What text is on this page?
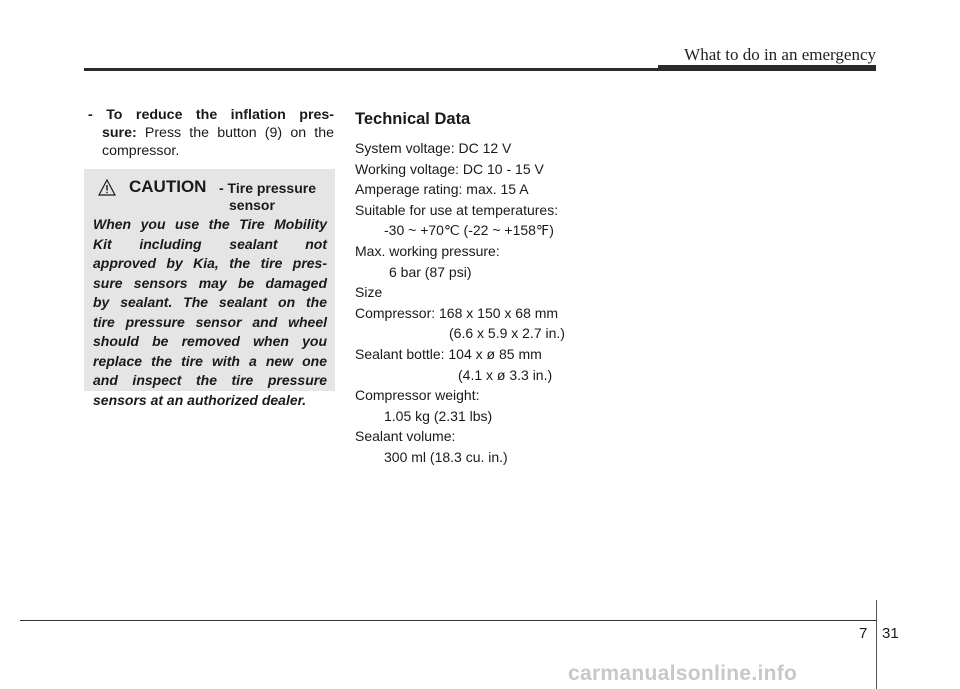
What to do in an emergency
- To reduce the inflation pres-
sure: Press the button (9) on the
compressor.
CAUTION - Tire pressure
sensor
When you use the Tire Mobility
Kit including sealant not
approved by Kia, the tire pres-
sure sensors may be damaged
by sealant. The sealant on the
tire pressure sensor and wheel
should be removed when you
replace the tire with a new one
and inspect the tire pressure
sensors at an authorized dealer.
Technical Data
System voltage: DC 12 V
Working voltage: DC 10 - 15 V
Amperage rating: max. 15 A
Suitable for use at temperatures:
-30 ~ +70℃ (-22 ~ +158℉)
Max. working pressure:
6 bar (87 psi)
Size
Compressor: 168 x 150 x 68 mm
(6.6 x 5.9 x 2.7 in.)
Sealant bottle: 104 x ø 85 mm
(4.1 x ø 3.3 in.)
Compressor weight:
1.05 kg (2.31 lbs)
Sealant volume:
300 ml (18.3 cu. in.)
7 31
carmanualsonline.info
